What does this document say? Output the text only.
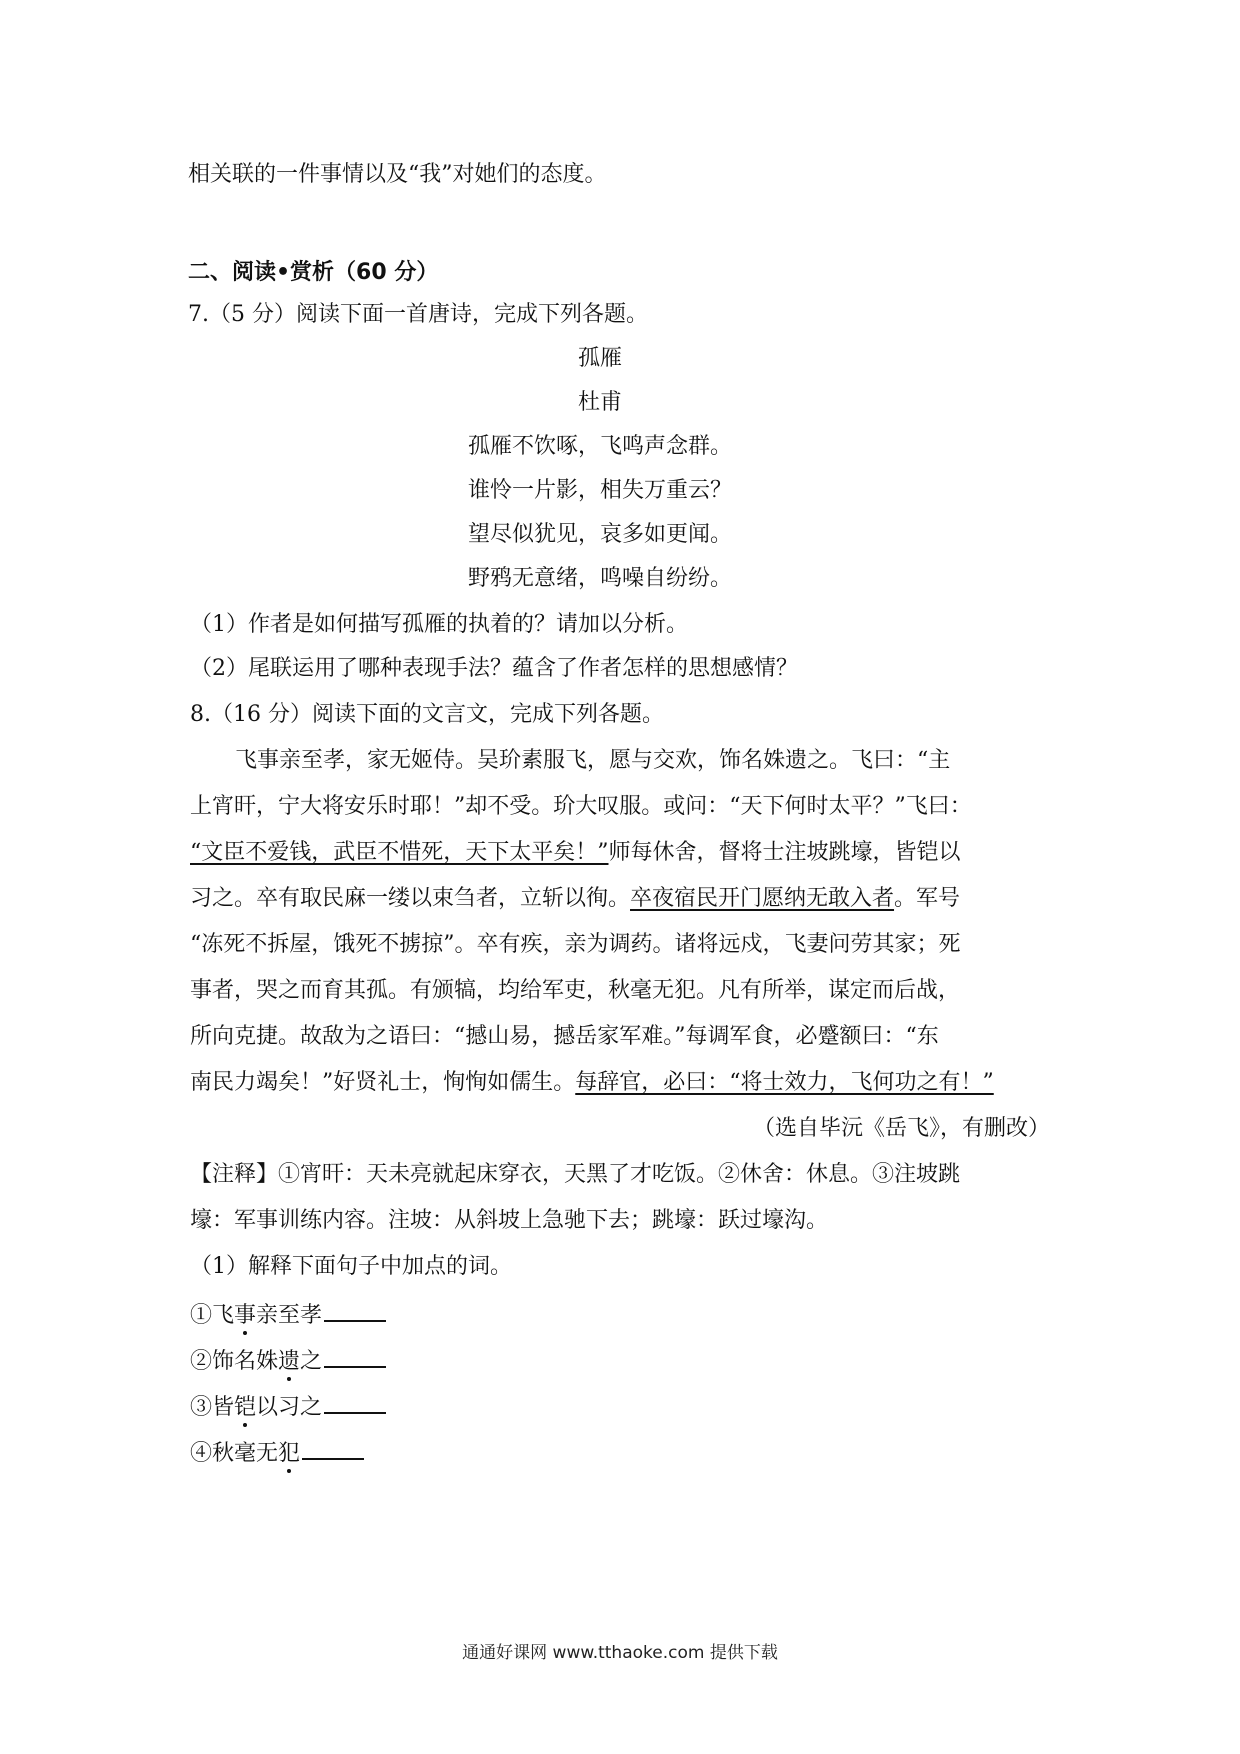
相关联的一件事情以及“我”对她们的态度。
二、阅读•赏析（60 分）
7.（5 分）阅读下面一首唐诗，完成下列各题。
孤雁
杜甫
孤雁不饮啄，飞鸣声念群。
谁怜一片影，相失万重云？
望尽似犹见，哀多如更闻。
野鸦无意绪，鸣噪自纷纷。
（1）作者是如何描写孤雁的执着的？请加以分析。
（2）尾联运用了哪种表现手法？蕴含了作者怎样的思想感情？
8.（16 分）阅读下面的文言文，完成下列各题。
飞事亲至孝，家无姬侍。吴玠素服飞，愿与交欢，饰名姝遗之。飞曰：“主
上宵旰，宁大将安乐时耶！”却不受。玠大叹服。或问：“天下何时太平？”飞曰：
“文臣不爱钱，武臣不惜死，天下太平矣！”师每休舍，督将士注坡跳壕，皆铠以
习之。卒有取民麻一缕以束刍者，立斩以徇。卒夜宿民开门愿纳无敢入者。军号
“冻死不拆屋，饿死不掳掠”。卒有疾，亲为调药。诸将远戍，飞妻问劳其家；死
事者，哭之而育其孤。有颁犒，均给军吏，秋毫无犯。凡有所举，谋定而后战，
所向克捷。故敌为之语曰：“撼山易，撼岳家军难。”每调军食，必蹙额曰：“东
南民力竭矣！”好贤礼士，恂恂如儒生。每辞官，必曰：“将士效力，飞何功之有！”
（选自毕沅《岳飞》，有删改）
【注释】①宵旰：天未亮就起床穿衣，天黑了才吃饭。②休舍：休息。③注坡跳
壕：军事训练内容。注坡：从斜坡上急驰下去；跳壕：跃过壕沟。
（1）解释下面句子中加点的词。
①飞事亲至孝
②饰名姝遗之
③皆铠以习之
④秋毫无犯
通通好课网 www.tthaoke.com 提供下载
